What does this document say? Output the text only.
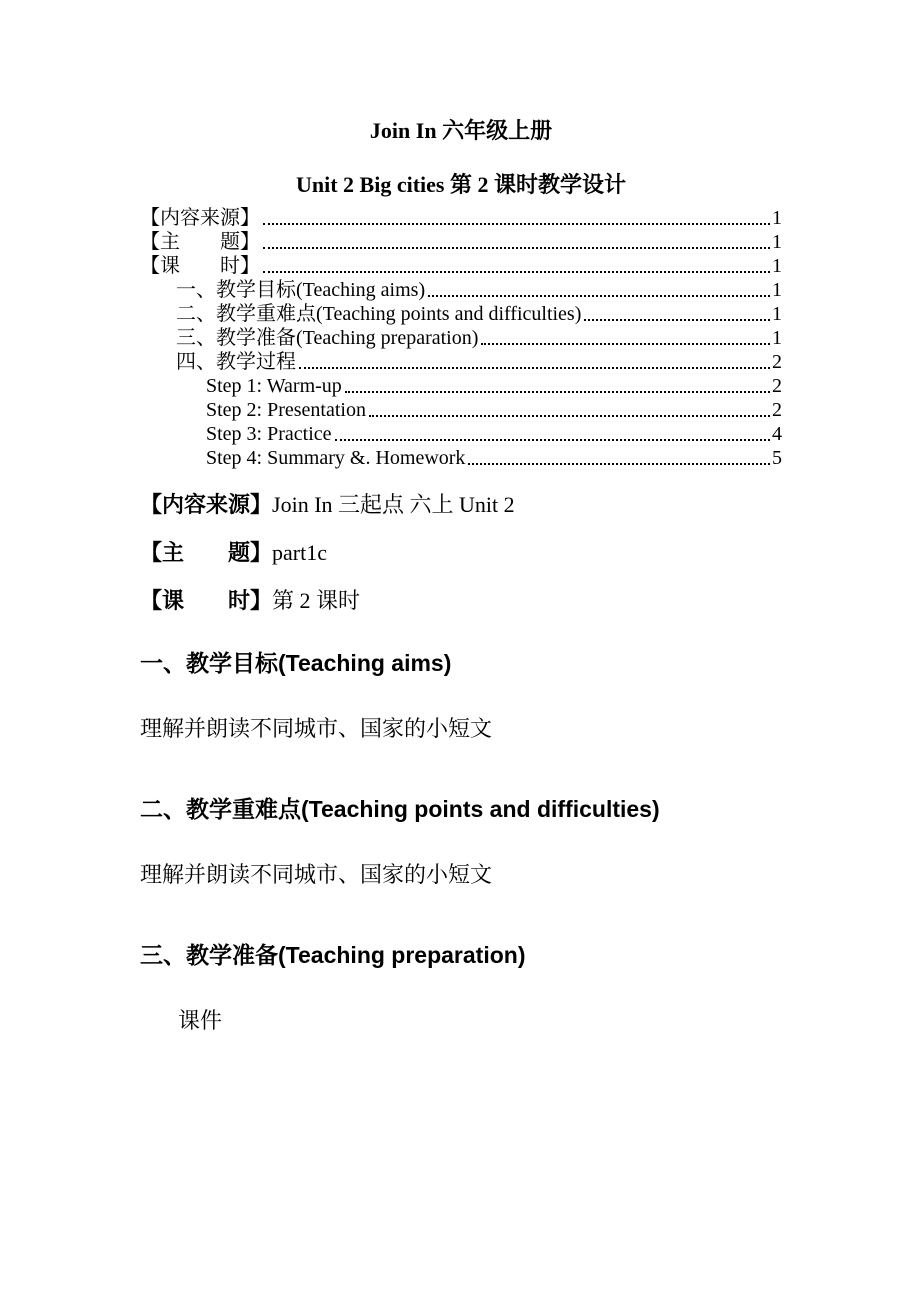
Join In 六年级上册

Unit 2 Big cities 第 2 课时教学设计

【内容来源】	1
【主　　题】	1
【课　　时】	1
一、教学目标(Teaching aims)	1
二、教学重难点(Teaching points and difficulties)	1
三、教学准备(Teaching preparation)	1
四、教学过程	2
Step 1: Warm-up	2
Step 2: Presentation	2
Step 3: Practice	4
Step 4: Summary &. Homework	5

【内容来源】Join In 三起点 六上 Unit 2

【主　　题】part1c

【课　　时】第 2 课时

一、教学目标(Teaching aims)

理解并朗读不同城市、国家的小短文

二、教学重难点(Teaching points and difficulties)

理解并朗读不同城市、国家的小短文

三、教学准备(Teaching preparation)

课件
